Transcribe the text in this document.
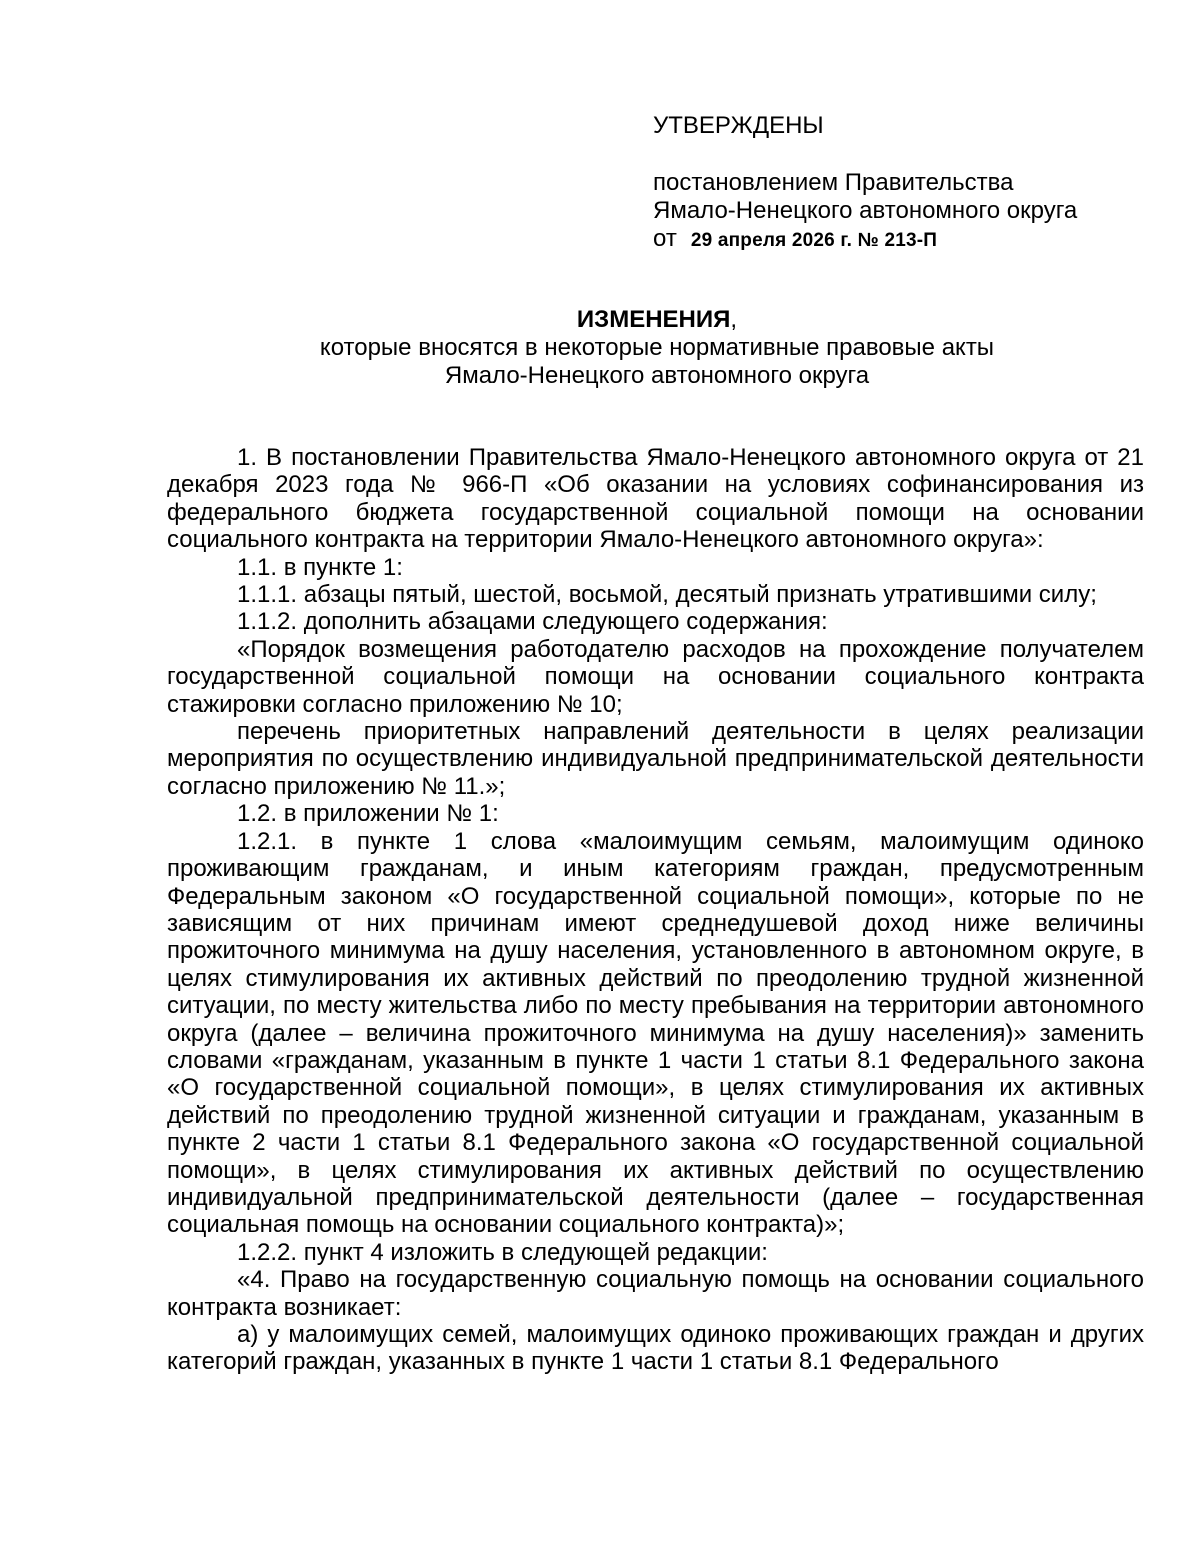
УТВЕРЖДЕНЫ
постановлением Правительства
Ямало-Ненецкого автономного округа
от 29 апреля 2026 г. № 213-П
ИЗМЕНЕНИЯ,
которые вносятся в некоторые нормативные правовые акты
Ямало-Ненецкого автономного округа

1. В постановлении Правительства Ямало-Ненецкого автономного округа от 21 декабря 2023 года № 966-П «Об оказании на условиях софинансирования из федерального бюджета государственной социальной помощи на основании социального контракта на территории Ямало-Ненецкого автономного округа»:

1.1. в пункте 1:

1.1.1. абзацы пятый, шестой, восьмой, десятый признать утратившими силу;

1.1.2. дополнить абзацами следующего содержания:

«Порядок возмещения работодателю расходов на прохождение получателем государственной социальной помощи на основании социального контракта стажировки согласно приложению № 10;

перечень приоритетных направлений деятельности в целях реализации мероприятия по осуществлению индивидуальной предпринимательской деятельности согласно приложению № 11.»;

1.2. в приложении № 1:

1.2.1. в пункте 1 слова «малоимущим семьям, малоимущим одиноко проживающим гражданам, и иным категориям граждан, предусмотренным Федеральным законом «О государственной социальной помощи», которые по не зависящим от них причинам имеют среднедушевой доход ниже величины прожиточного минимума на душу населения, установленного в автономном округе, в целях стимулирования их активных действий по преодолению трудной жизненной ситуации, по месту жительства либо по месту пребывания на территории автономного округа (далее – величина прожиточного минимума на душу населения)» заменить словами «гражданам, указанным в пункте 1 части 1 статьи 8.1 Федерального закона «О государственной социальной помощи», в целях стимулирования их активных действий по преодолению трудной жизненной ситуации и гражданам, указанным в пункте 2 части 1 статьи 8.1 Федерального закона «О государственной социальной помощи», в целях стимулирования их активных действий по осуществлению индивидуальной предпринимательской деятельности (далее – государственная социальная помощь на основании социального контракта)»;

1.2.2. пункт 4 изложить в следующей редакции:

«4. Право на государственную социальную помощь на основании социального контракта возникает:

а) у малоимущих семей, малоимущих одиноко проживающих граждан и других категорий граждан, указанных в пункте 1 части 1 статьи 8.1 Федерального
